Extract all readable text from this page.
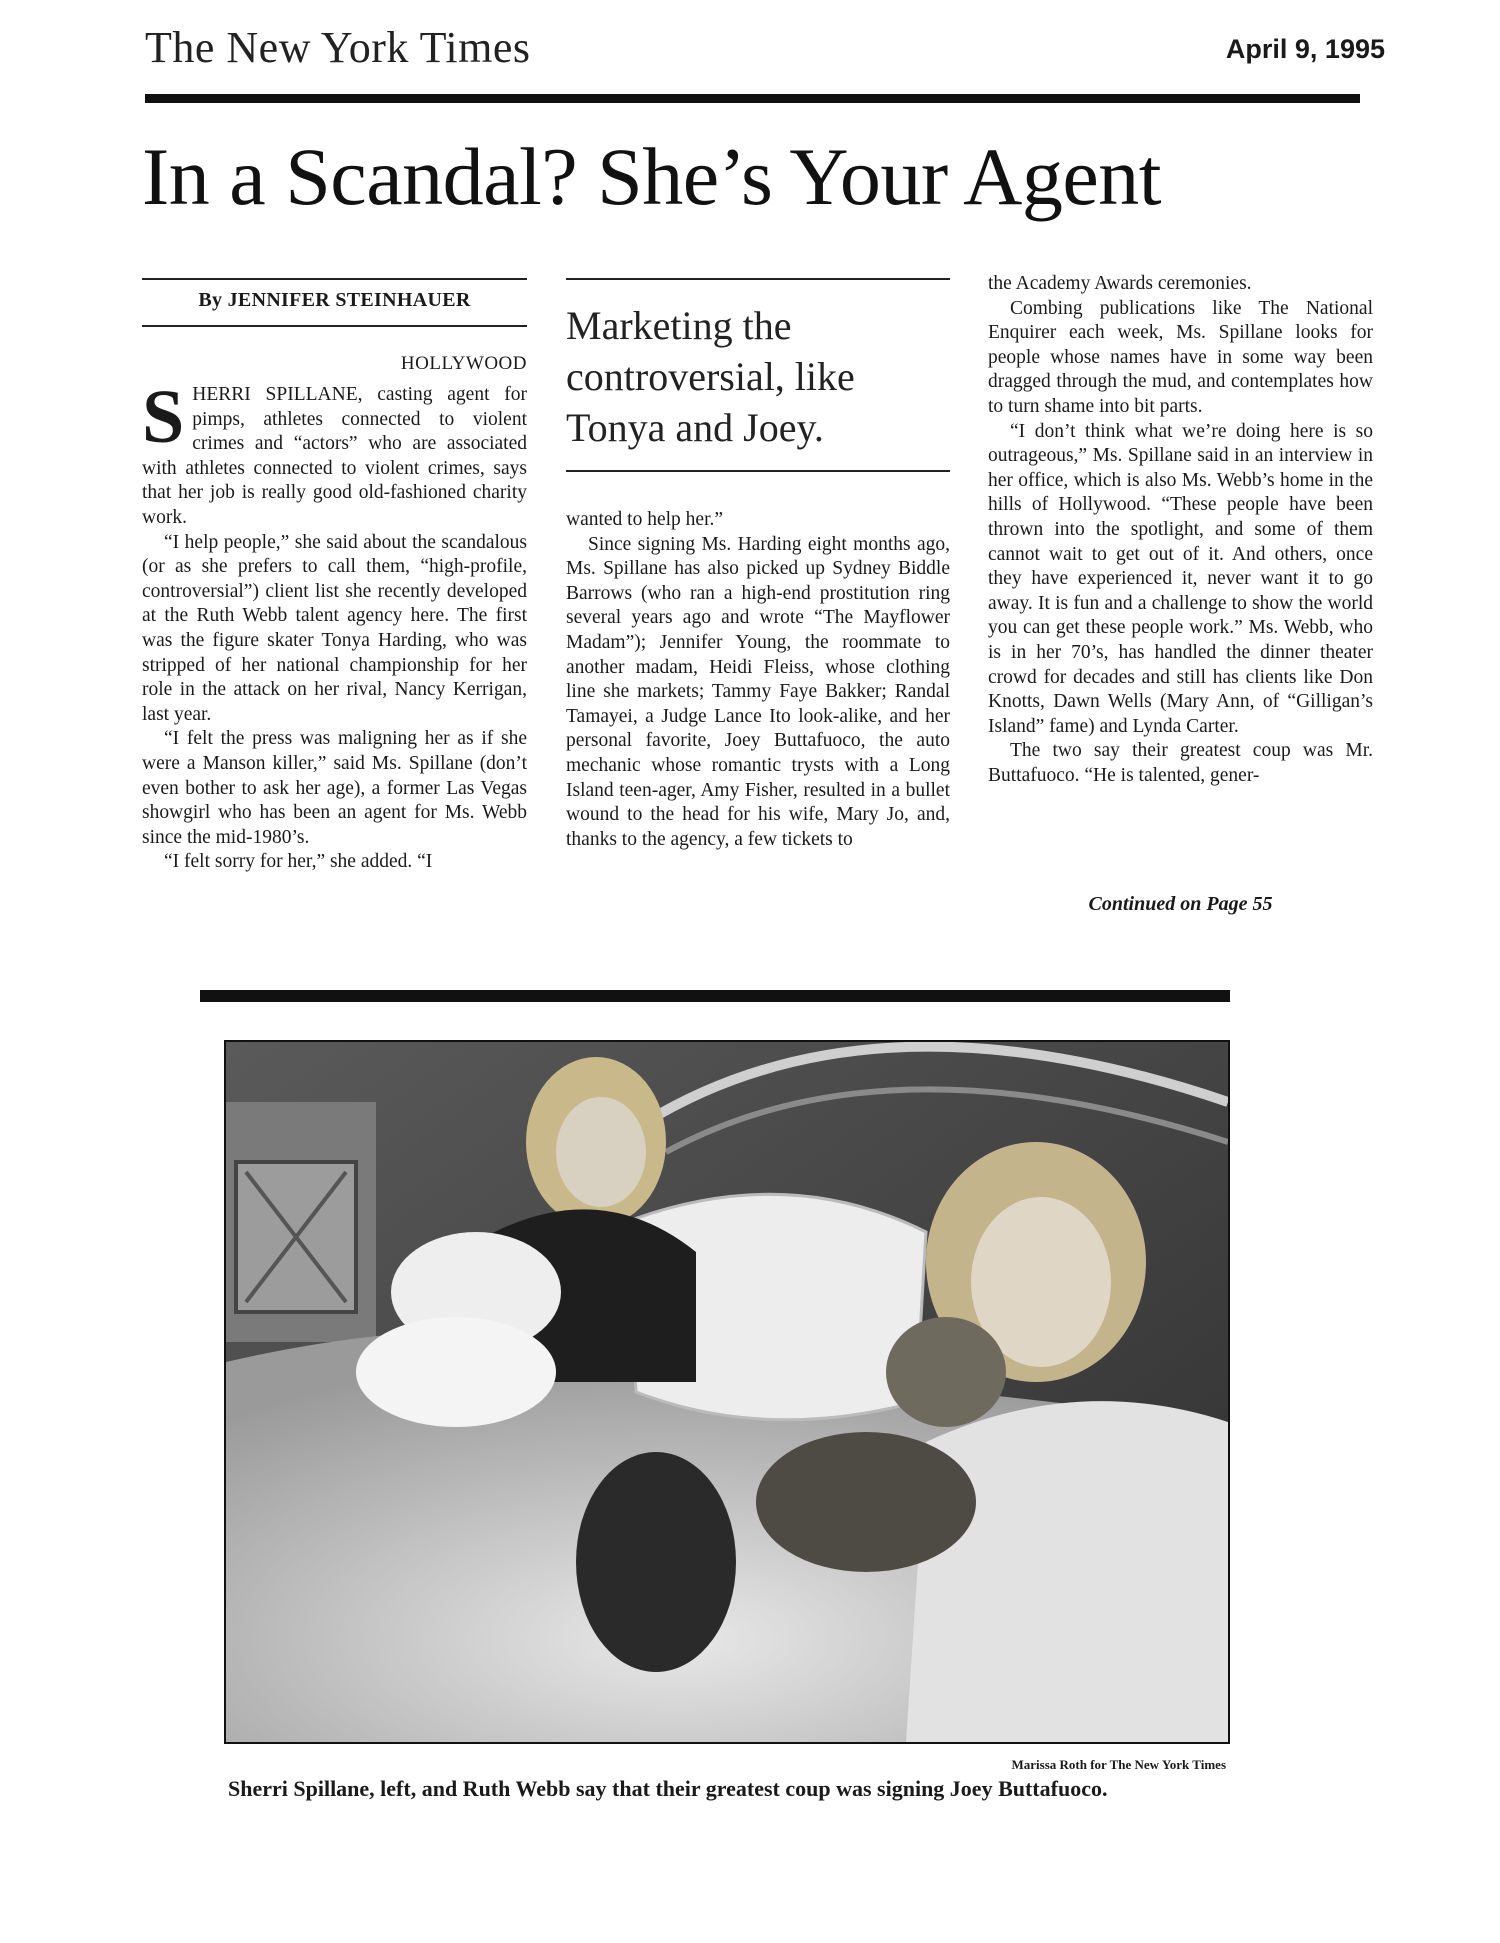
The New York Times	April 9, 1995
In a Scandal? She’s Your Agent
By JENNIFER STEINHAUER
HOLLYWOOD

SHERRI SPILLANE, casting agent for pimps, athletes connected to violent crimes and “actors” who are associated with athletes connected to violent crimes, says that her job is really good old-fashioned charity work.

“I help people,” she said about the scandalous (or as she prefers to call them, “high-profile, controversial”) client list she recently developed at the Ruth Webb talent agency here. The first was the figure skater Tonya Harding, who was stripped of her national championship for her role in the attack on her rival, Nancy Kerrigan, last year.

“I felt the press was maligning her as if she were a Manson killer,” said Ms. Spillane (don’t even bother to ask her age), a former Las Vegas showgirl who has been an agent for Ms. Webb since the mid-1980’s.

“I felt sorry for her,” she added. “I

Marketing the controversial, like Tonya and Joey.

wanted to help her.”

Since signing Ms. Harding eight months ago, Ms. Spillane has also picked up Sydney Biddle Barrows (who ran a high-end prostitution ring several years ago and wrote “The Mayflower Madam”); Jennifer Young, the roommate to another madam, Heidi Fleiss, whose clothing line she markets; Tammy Faye Bakker; Randal Tamayei, a Judge Lance Ito look-alike, and her personal favorite, Joey Buttafuoco, the auto mechanic whose romantic trysts with a Long Island teen-ager, Amy Fisher, resulted in a bullet wound to the head for his wife, Mary Jo, and, thanks to the agency, a few tickets to

the Academy Awards ceremonies.

Combing publications like The National Enquirer each week, Ms. Spillane looks for people whose names have in some way been dragged through the mud, and contemplates how to turn shame into bit parts.

“I don’t think what we’re doing here is so outrageous,” Ms. Spillane said in an interview in her office, which is also Ms. Webb’s home in the hills of Hollywood. “These people have been thrown into the spotlight, and some of them cannot wait to get out of it. And others, once they have experienced it, never want it to go away. It is fun and a challenge to show the world you can get these people work.” Ms. Webb, who is in her 70’s, has handled the dinner theater crowd for decades and still has clients like Don Knotts, Dawn Wells (Mary Ann, of “Gilligan’s Island” fame) and Lynda Carter.

The two say their greatest coup was Mr. Buttafuoco. “He is talented, gener-

Continued on Page 55
Marissa Roth for The New York Times
Sherri Spillane, left, and Ruth Webb say that their greatest coup was signing Joey Buttafuoco.
